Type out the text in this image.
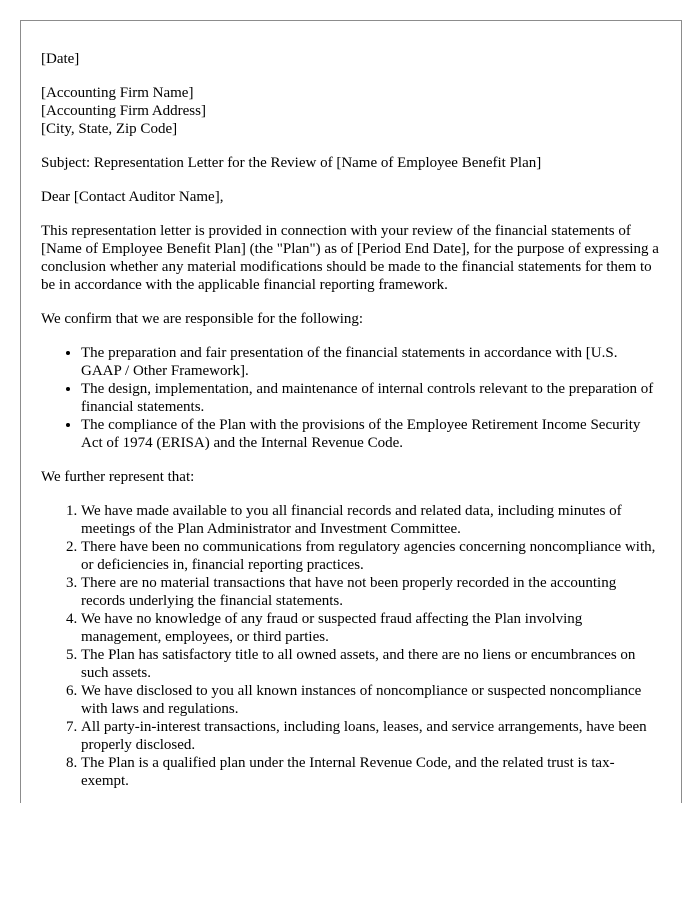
[Date]

[Accounting Firm Name]

[Accounting Firm Address]

[City, State, Zip Code]

Subject: Representation Letter for the Review of [Name of Employee Benefit Plan]

Dear [Contact Auditor Name],

This representation letter is provided in connection with your review of the financial statements of [Name of Employee Benefit Plan] (the "Plan") as of [Period End Date], for the purpose of expressing a conclusion whether any material modifications should be made to the financial statements for them to be in accordance with the applicable financial reporting framework.

We confirm that we are responsible for the following:

• The preparation and fair presentation of the financial statements in accordance with [U.S. GAAP / Other Framework].
• The design, implementation, and maintenance of internal controls relevant to the preparation of financial statements.
• The compliance of the Plan with the provisions of the Employee Retirement Income Security Act of 1974 (ERISA) and the Internal Revenue Code.

We further represent that:

1. We have made available to you all financial records and related data, including minutes of meetings of the Plan Administrator and Investment Committee.
2. There have been no communications from regulatory agencies concerning noncompliance with, or deficiencies in, financial reporting practices.
3. There are no material transactions that have not been properly recorded in the accounting records underlying the financial statements.
4. We have no knowledge of any fraud or suspected fraud affecting the Plan involving management, employees, or third parties.
5. The Plan has satisfactory title to all owned assets, and there are no liens or encumbrances on such assets.
6. We have disclosed to you all known instances of noncompliance or suspected noncompliance with laws and regulations.
7. All party-in-interest transactions, including loans, leases, and service arrangements, have been properly disclosed.
8. The Plan is a qualified plan under the Internal Revenue Code, and the related trust is tax-exempt.
